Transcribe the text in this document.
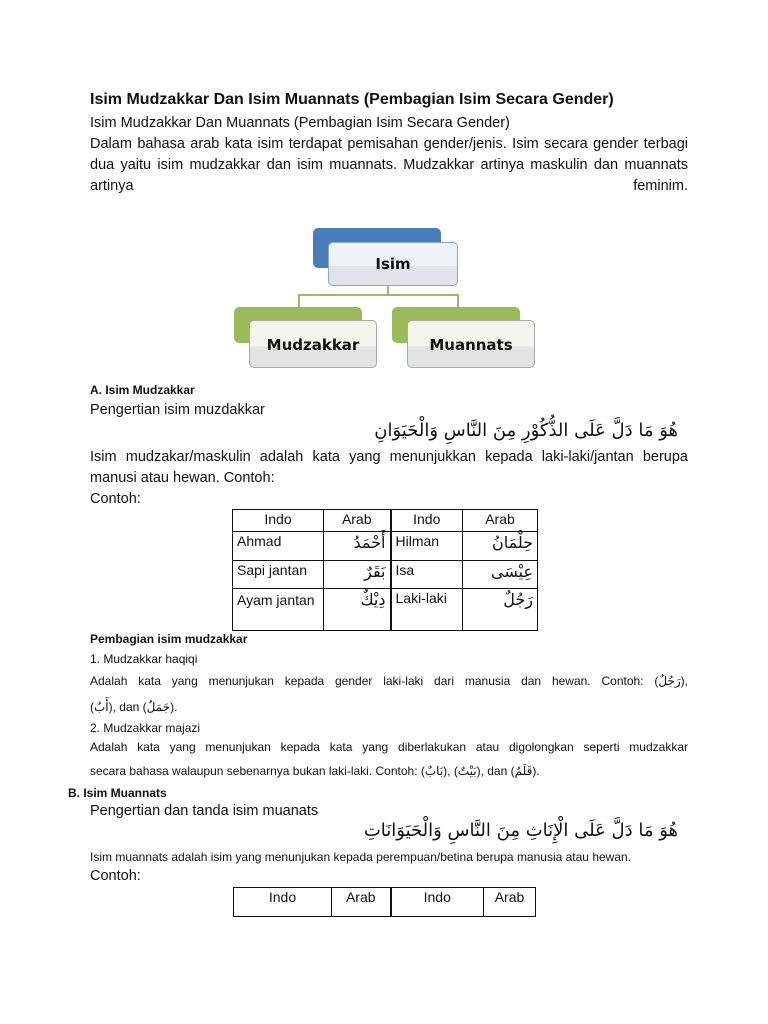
Isim Mudzakkar Dan Isim Muannats (Pembagian Isim Secara Gender)
Isim Mudzakkar Dan Muannats (Pembagian Isim Secara Gender)
Dalam bahasa arab kata isim terdapat pemisahan gender/jenis. Isim secara gender terbagi
dua yaitu isim mudzakkar dan isim muannats. Mudzakkar artinya maskulin dan muannats
artinya	feminim.
Isim
Mudzakkar	Muannats
A. Isim Mudzakkar
Pengertian isim muzdakkar
هُوَ مَا دَلَّ عَلَى الذُّكُوْرِ مِنَ النَّاسِ وَالْحَيَوَانِ
Isim mudzakar/maskulin adalah kata yang menunjukkan kepada laki-laki/jantan berupa
manusi atau hewan. Contoh:
Contoh:
Indo	Arab	Indo	Arab
Ahmad	أَحْمَدُ	Hilman	حِلْمَانُ
Sapi jantan	بَقَرٌ	Isa	عِيْسَى
Ayam jantan	دِيْكٌ	Laki-laki	رَجُلٌ
Pembagian isim mudzakkar
1. Mudzakkar haqiqi
Adalah kata yang menunjukan kepada gender laki-laki dari manusia dan hewan. Contoh: (رَجُلٌ),
(أَبٌ), dan (جَمَلٌ).
2. Mudzakkar majazi
Adalah kata yang menunjukan kepada kata yang diberlakukan atau digolongkan seperti mudzakkar
secara bahasa walaupun sebenarnya bukan laki-laki. Contoh: (بَابٌ), (بَيْتٌ), dan (قَلَمٌ).
B. Isim Muannats
Pengertian dan tanda isim muanats
هُوَ مَا دَلَّ عَلَى الْإِنَاثِ مِنَ النَّاسِ وَالْحَيَوَانَاتِ
Isim muannats adalah isim yang menunjukan kepada perempuan/betina berupa manusia atau hewan.
Contoh:
Indo	Arab	Indo	Arab
